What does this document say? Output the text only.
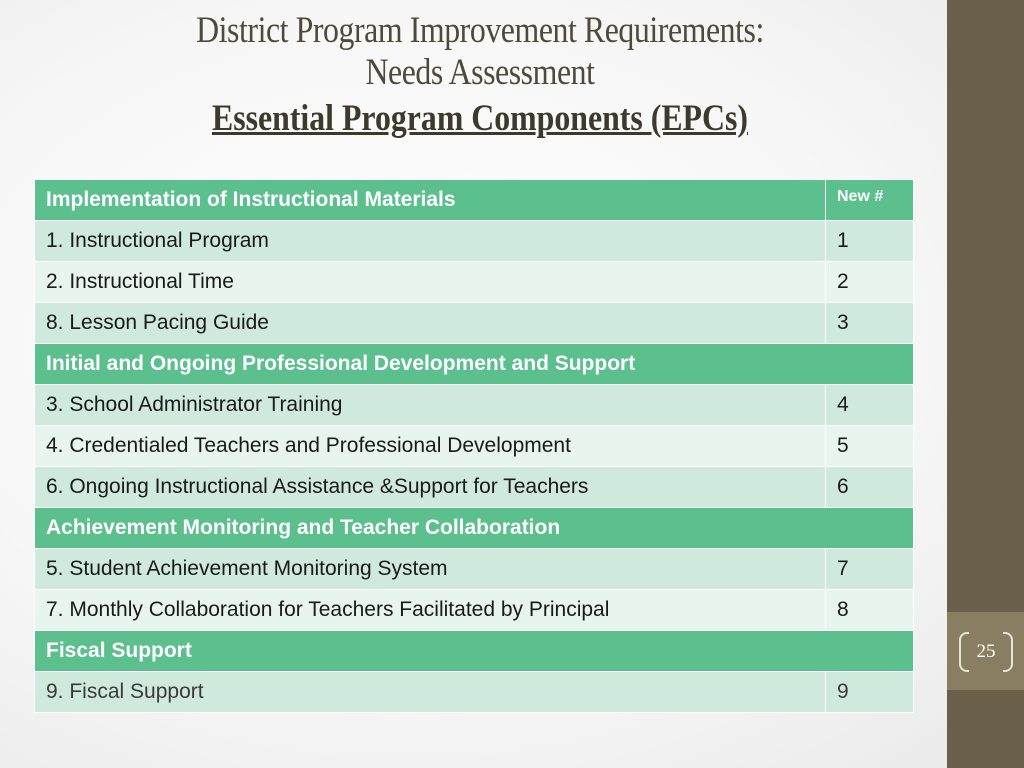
District Program Improvement Requirements:
Needs Assessment
Essential Program Components (EPCs)
Implementation of Instructional Materials	New #
1. Instructional Program	1
2. Instructional Time	2
8. Lesson Pacing Guide	3
Initial and Ongoing Professional Development and Support	
3. School Administrator Training	4
4. Credentialed Teachers and Professional Development	5
6. Ongoing Instructional Assistance &Support for Teachers	6
Achievement Monitoring and Teacher Collaboration	
5. Student Achievement Monitoring System	7
7. Monthly Collaboration for Teachers Facilitated by Principal	8
Fiscal Support	
9. Fiscal Support	9
25
